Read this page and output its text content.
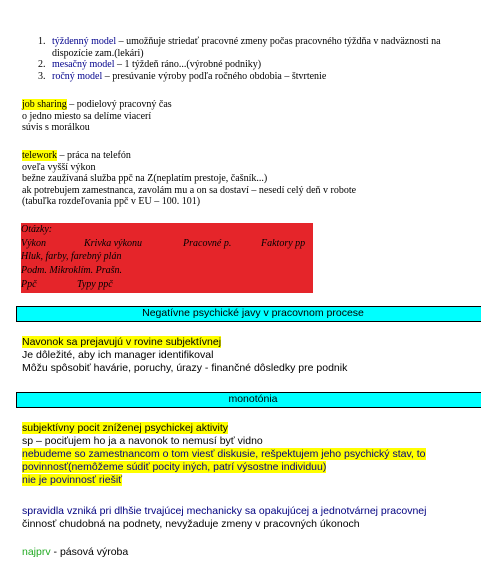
1. týždenný model – umožňuje striedať pracovné zmeny počas pracovného týždňa v nadväznosti na
dispozície zam.(lekári)
2. mesačný model – 1 týždeň ráno...(výrobné podniky)
3. ročný model – presúvanie výroby podľa ročného obdobia – štvrtenie
job sharing – podielový pracovný čas
o jedno miesto sa delíme viacerí
súvis s morálkou
telework – práca na telefón
oveľa vyšší výkon
bežne zaužívaná služba ppč na Z(neplatím prestoje, čašník...)
ak potrebujem zamestnanca, zavolám mu a on sa dostaví – nesedí celý deň v robote
(tabuľka rozdeľovania ppč v EU – 100. 101)
Otázky:
Výkon	Krivka výkonu	Pracovné p.	Faktory pp
Hluk, farby, farebný plán
Podm. Mikroklím. Prašn.
Ppč	Typy ppč
Negatívne psychické javy v pracovnom procese
Navonok sa prejavujú v rovine subjektívnej
Je dôležité, aby ich manager identifikoval
Môžu spôsobiť havárie, poruchy, úrazy - finančné dôsledky pre podnik
monotónia
subjektívny pocit zníženej psychickej aktivity
sp – pociťujem ho ja a navonok to nemusí byť vidno
nebudeme so zamestnancom o tom viesť diskusie, rešpektujem jeho psychický stav, to
povinnosť(nemôžeme súdiť pocity iných, patrí výsostne individuu)
nie je povinnosť riešiť
spravidla vzniká pri dlhšie trvajúcej mechanicky sa opakujúcej a jednotvárnej pracovnej
činnosť chudobná na podnety, nevyžaduje zmeny v pracovných úkonoch
najprv - pásová výroba
